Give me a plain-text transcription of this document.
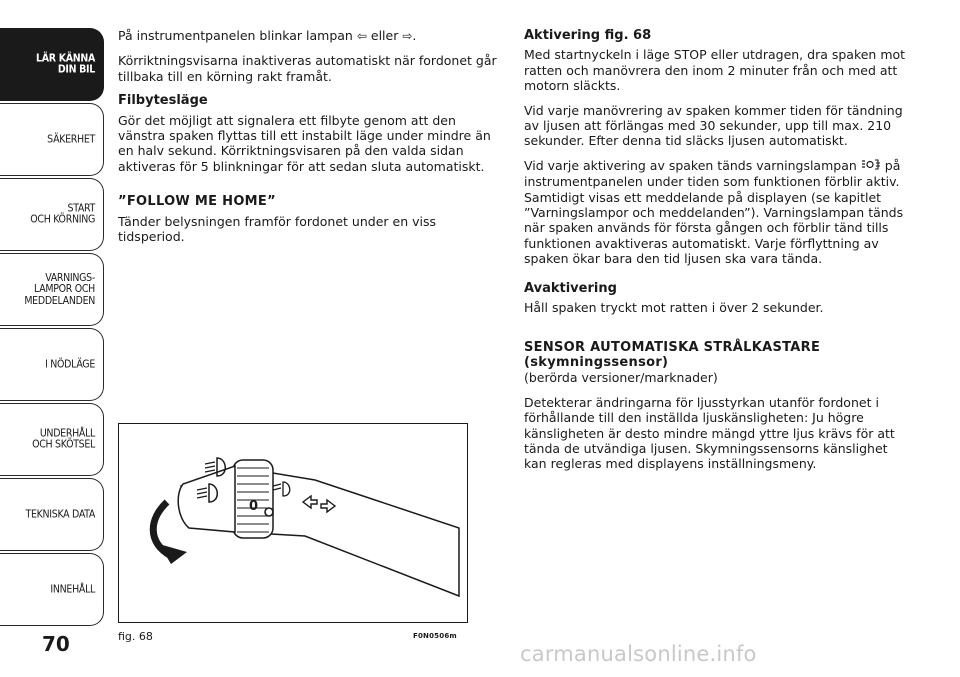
LÄR KÄNNA
DIN BIL
SÄKERHET
START
OCH KÖRNING
VARNINGS-
LAMPOR OCH
MEDDELANDEN
I NÖDLÄGE
UNDERHÅLL
OCH SKÖTSEL
TEKNISKA DATA
INNEHÅLL
70

På instrumentpanelen blinkar lampan ⇦ eller ⇨.

Körriktningsvisarna inaktiveras automatiskt när fordonet går tillbaka till en körning rakt framåt.

Filbytesläge

Gör det möjligt att signalera ett filbyte genom att den vänstra spaken flyttas till ett instabilt läge under mindre än en halv sekund. Körriktningsvisaren på den valda sidan aktiveras för 5 blinkningar för att sedan sluta automatiskt.

”FOLLOW ME HOME”

Tänder belysningen framför fordonet under en viss tidsperiod.

Aktivering fig. 68

Med startnyckeln i läge STOP eller utdragen, dra spaken mot ratten och manövrera den inom 2 minuter från och med att motorn släckts.

Vid varje manövrering av spaken kommer tiden för tändning av ljusen att förlängas med 30 sekunder, upp till max. 210 sekunder. Efter denna tid släcks ljusen automatiskt.

Vid varje aktivering av spaken tänds varningslampan på instrumentpanelen under tiden som funktionen förblir aktiv. Samtidigt visas ett meddelande på displayen (se kapitlet ”Varningslampor och meddelanden”). Varningslampan tänds när spaken används för första gången och förblir tänd tills funktionen avaktiveras automatiskt. Varje förflyttning av spaken ökar bara den tid ljusen ska vara tända.

Avaktivering

Håll spaken tryckt mot ratten i över 2 sekunder.

SENSOR AUTOMATISKA STRÅLKASTARE (skymningssensor)

(berörda versioner/marknader)

Detekterar ändringarna för ljusstyrkan utanför fordonet i förhållande till den inställda ljuskänsligheten: Ju högre känsligheten är desto mindre mängd yttre ljus krävs för att tända de utvändiga ljusen. Skymningssensorns känslighet kan regleras med displayens inställningsmeny.

0
fig. 68	F0N0506m
carmanualsonline.info
